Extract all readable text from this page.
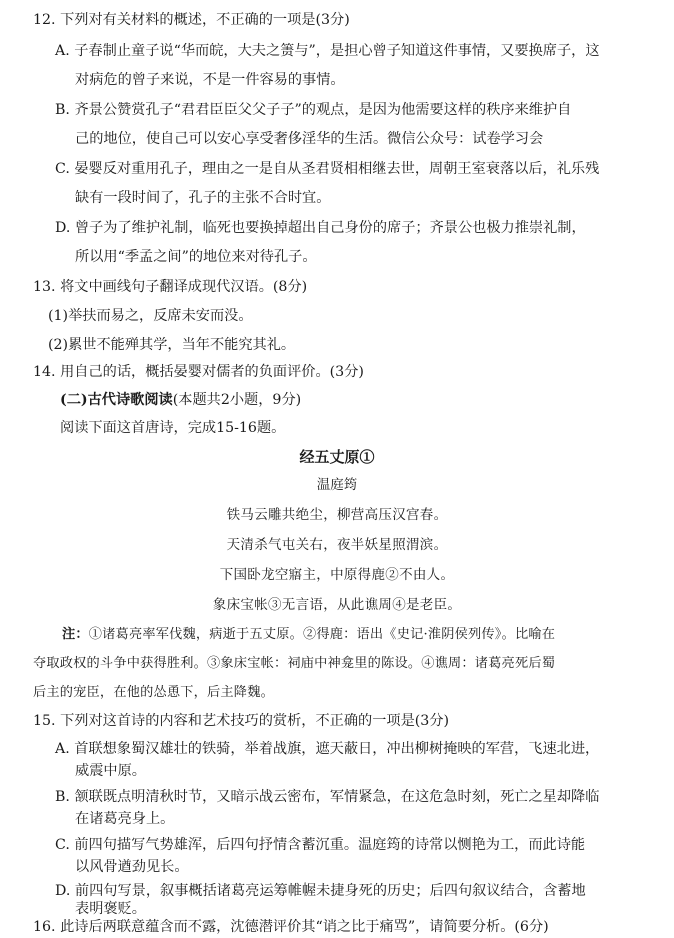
12. 下列对有关材料的概述，不正确的一项是(3分)
A. 子春制止童子说“华而皖，大夫之箦与”，是担心曾子知道这件事情，又要换席子，这
对病危的曾子来说，不是一件容易的事情。
B. 齐景公赞赏孔子“君君臣臣父父子子”的观点，是因为他需要这样的秩序来维护自
己的地位，使自己可以安心享受奢侈淫华的生活。微信公众号：试卷学习会
C. 晏婴反对重用孔子，理由之一是自从圣君贤相相继去世，周朝王室衰落以后，礼乐残
缺有一段时间了，孔子的主张不合时宜。
D. 曾子为了维护礼制，临死也要换掉超出自己身份的席子；齐景公也极力推崇礼制，
所以用“季孟之间”的地位来对待孔子。
13. 将文中画线句子翻译成现代汉语。(8分)
(1)举扶而易之，反席未安而没。
(2)累世不能殚其学，当年不能究其礼。
14. 用自己的话，概括晏婴对儒者的负面评价。(3分)
(二)古代诗歌阅读(本题共2小题，9分)
阅读下面这首唐诗，完成15-16题。
经五丈原①
温庭筠
铁马云雕共绝尘，柳营高压汉宫春。
天清杀气屯关右，夜半妖星照渭滨。
下国卧龙空寤主，中原得鹿②不由人。
象床宝帐③无言语，从此谯周④是老臣。
注：①诸葛亮率军伐魏，病逝于五丈原。②得鹿：语出《史记·淮阴侯列传》。比喻在
夺取政权的斗争中获得胜利。③象床宝帐：祠庙中神龛里的陈设。④谯周：诸葛亮死后蜀
后主的宠臣，在他的怂恿下，后主降魏。
15. 下列对这首诗的内容和艺术技巧的赏析，不正确的一项是(3分)
A. 首联想象蜀汉雄壮的铁骑，举着战旗，遮天蔽日，冲出柳树掩映的军营，飞速北进，
威震中原。
B. 颔联既点明清秋时节，又暗示战云密布，军情紧急，在这危急时刻，死亡之星却降临
在诸葛亮身上。
C. 前四句描写气势雄浑，后四句抒情含蓄沉重。温庭筠的诗常以恻艳为工，而此诗能
以风骨遒劲见长。
D. 前四句写景，叙事概括诸葛亮运筹帷幄未捷身死的历史；后四句叙议结合，含蓄地
表明褒贬。
16. 此诗后两联意蕴含而不露，沈德潜评价其“诮之比于痛骂”，请简要分析。(6分)
